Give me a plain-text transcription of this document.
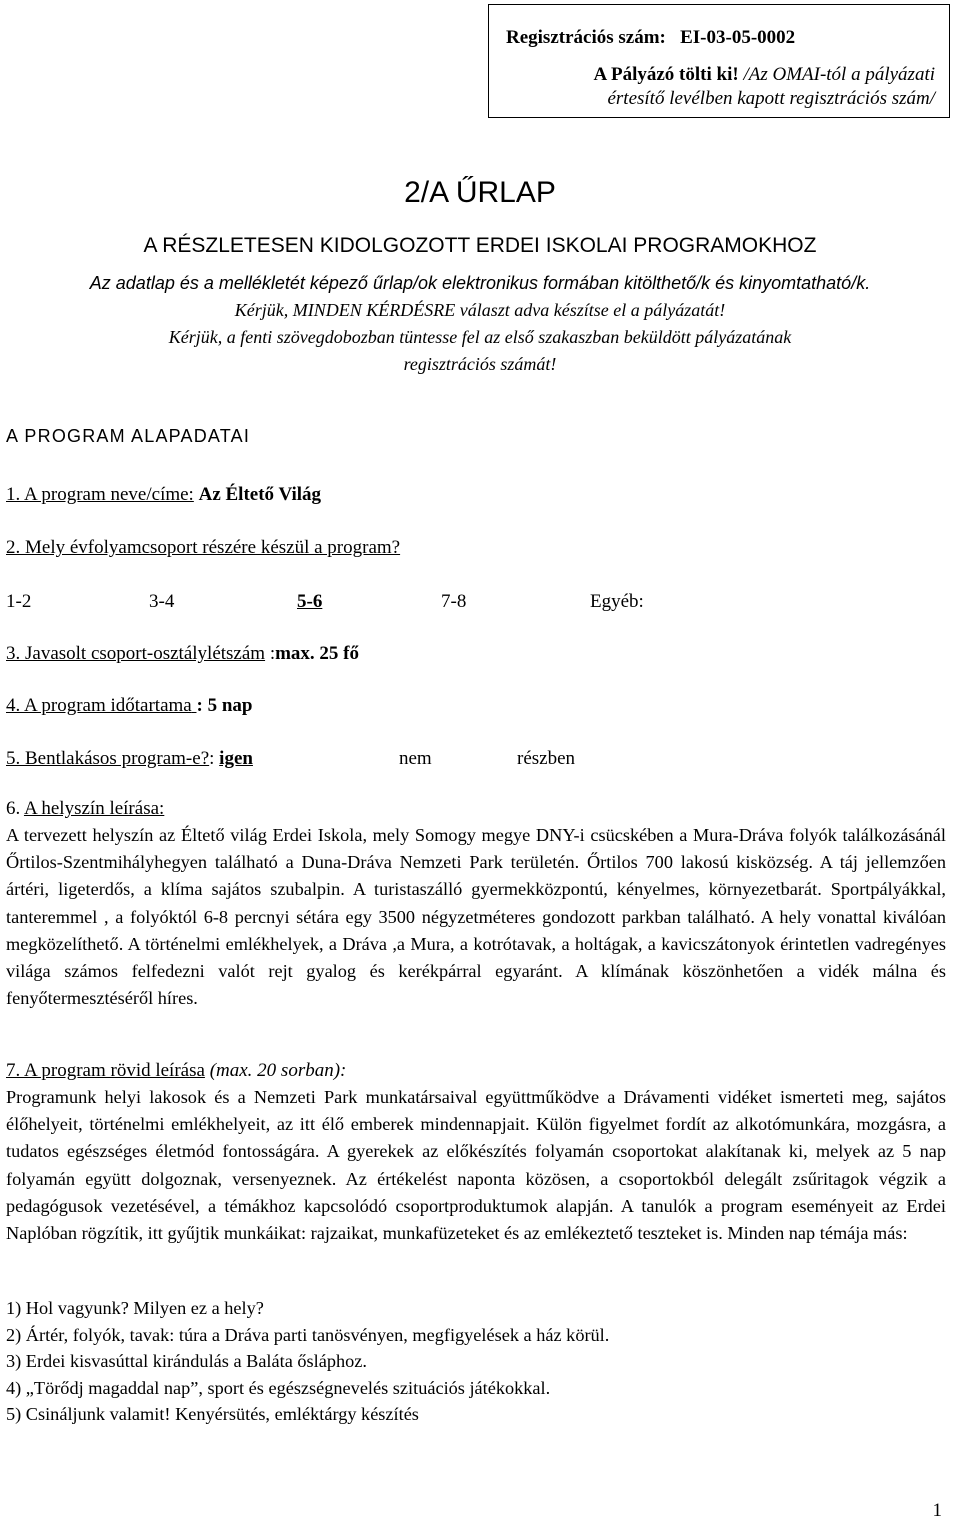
Regisztrációs szám: EI-03-05-0002
A Pályázó tölti ki! /Az OMAI-tól a pályázati
értesítő levélben kapott regisztrációs szám/
2/A ŰRLAP
A RÉSZLETESEN KIDOLGOZOTT ERDEI ISKOLAI PROGRAMOKHOZ
Az adatlap és a mellékletét képező űrlap/ok elektronikus formában kitölthető/k és kinyomtatható/k.
Kérjük, MINDEN KÉRDÉSRE választ adva készítse el a pályázatát!
Kérjük, a fenti szövegdobozban tüntesse fel az első szakaszban beküldött pályázatának
regisztrációs számát!
A PROGRAM ALAPADATAI
1. A program neve/címe: Az Éltető Világ
2. Mely évfolyamcsoport részére készül a program?
1-2	3-4	5-6	7-8	Egyéb:
3. Javasolt csoport-osztálylétszám :max. 25 fő
4. A program időtartama : 5 nap
5. Bentlakásos program-e?: igen	nem	részben
6. A helyszín leírása:
A tervezett helyszín az Éltető világ Erdei Iskola, mely Somogy megye DNY-i csücskében a Mura-Dráva folyók találkozásánál Őrtilos-Szentmihályhegyen található a Duna-Dráva Nemzeti Park területén. Őrtilos 700 lakosú kisközség. A táj jellemzően ártéri, ligeterdős, a klíma sajátos szubalpin. A turistaszálló gyermekközpontú, kényelmes, környezetbarát. Sportpályákkal, tanteremmel , a folyóktól 6-8 percnyi sétára egy 3500 négyzetméteres gondozott parkban található. A hely vonattal kiválóan megközelíthető. A történelmi emlékhelyek, a Dráva ,a Mura, a kotrótavak, a holtágak, a kavicszátonyok érintetlen vadregényes világa számos felfedezni valót rejt gyalog és kerékpárral egyaránt. A klímának köszönhetően a vidék málna és fenyőtermesztéséről híres.
7. A program rövid leírása (max. 20 sorban):
Programunk helyi lakosok és a Nemzeti Park munkatársaival együttműködve a Drávamenti vidéket ismerteti meg, sajátos élőhelyeit, történelmi emlékhelyeit, az itt élő emberek mindennapjait. Külön figyelmet fordít az alkotómunkára, mozgásra, a tudatos egészséges életmód fontosságára. A gyerekek az előkészítés folyamán csoportokat alakítanak ki, melyek az 5 nap folyamán együtt dolgoznak, versenyeznek. Az értékelést naponta közösen, a csoportokból delegált zsűritagok végzik a pedagógusok vezetésével, a témákhoz kapcsolódó csoportproduktumok alapján. A tanulók a program eseményeit az Erdei Naplóban rögzítik, itt gyűjtik munkáikat: rajzaikat, munkafüzeteket és az emlékeztető teszteket is. Minden nap témája más:
1) Hol vagyunk? Milyen ez a hely?
2) Ártér, folyók, tavak: túra a Dráva parti tanösvényen, megfigyelések a ház körül.
3) Erdei kisvasúttal kirándulás a Baláta ősláphoz.
4) „Törődj magaddal nap”, sport és egészségnevelés szituációs játékokkal.
5) Csináljunk valamit! Kenyérsütés, emléktárgy készítés
1
